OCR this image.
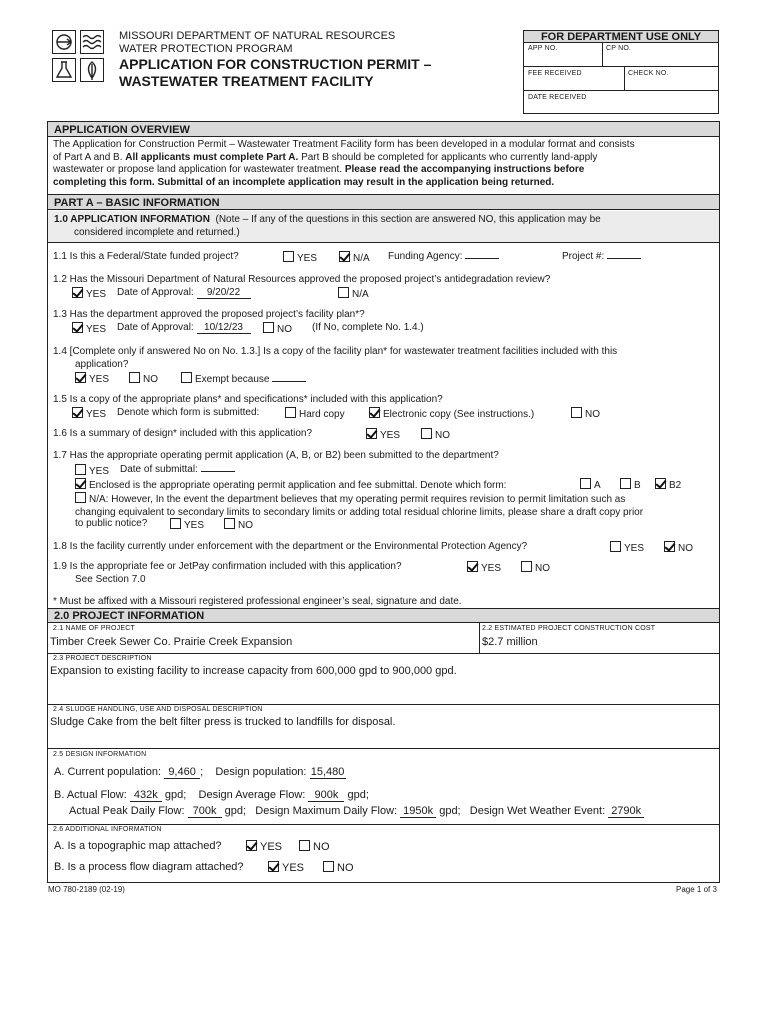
MISSOURI DEPARTMENT OF NATURAL RESOURCES
WATER PROTECTION PROGRAM
APPLICATION FOR CONSTRUCTION PERMIT –
WASTEWATER TREATMENT FACILITY
FOR DEPARTMENT USE ONLY
APP NO.	CP NO.
FEE RECEIVED	CHECK NO.
DATE RECEIVED
APPLICATION OVERVIEW
The Application for Construction Permit – Wastewater Treatment Facility form has been developed in a modular format and consists
of Part A and B. All applicants must complete Part A. Part B should be completed for applicants who currently land-apply
wastewater or propose land application for wastewater treatment. Please read the accompanying instructions before
completing this form. Submittal of an incomplete application may result in the application being returned.
PART A – BASIC INFORMATION
1.0 APPLICATION INFORMATION (Note – If any of the questions in this section are answered NO, this application may be
considered incomplete and returned.)
1.1 Is this a Federal/State funded project?	YES	N/A Funding Agency:	Project #:
1.2 Has the Missouri Department of Natural Resources approved the proposed project’s antidegradation review?
YES Date of Approval: 9/20/22	N/A
1.3 Has the department approved the proposed project’s facility plan*?
YES Date of Approval: 10/12/23	NO (If No, complete No. 1.4.)
1.4 [Complete only if answered No on No. 1.3.] Is a copy of the facility plan* for wastewater treatment facilities included with this
application?
YES	NO	Exempt because
1.5 Is a copy of the appropriate plans* and specifications* included with this application?
YES Denote which form is submitted:	Hard copy	Electronic copy (See instructions.)	NO
1.6 Is a summary of design* included with this application?	YES	NO
1.7 Has the appropriate operating permit application (A, B, or B2) been submitted to the department?
YES Date of submittal:
Enclosed is the appropriate operating permit application and fee submittal. Denote which form:	A	B	B2
N/A: However, In the event the department believes that my operating permit requires revision to permit limitation such as
changing equivalent to secondary limits to secondary limits or adding total residual chlorine limits, please share a draft copy prior
to public notice?	YES	NO
1.8 Is the facility currently under enforcement with the department or the Environmental Protection Agency?	YES	NO
1.9 Is the appropriate fee or JetPay confirmation included with this application?	YES	NO
See Section 7.0
* Must be affixed with a Missouri registered professional engineer’s seal, signature and date.
2.0 PROJECT INFORMATION
2.1 NAME OF PROJECT
Timber Creek Sewer Co. Prairie Creek Expansion
2.2 ESTIMATED PROJECT CONSTRUCTION COST
$2.7 million
2.3 PROJECT DESCRIPTION
Expansion to existing facility to increase capacity from 600,000 gpd to 900,000 gpd.
2.4 SLUDGE HANDLING, USE AND DISPOSAL DESCRIPTION
Sludge Cake from the belt filter press is trucked to landfills for disposal.
2.5 DESIGN INFORMATION
A. Current population: 9,460 ;    Design population: 15,480
B. Actual Flow: 432k gpd; Design Average Flow: 900k gpd;
Actual Peak Daily Flow: 700k gpd; Design Maximum Daily Flow: 1950k gpd; Design Wet Weather Event: 2790k
2.6 ADDITIONAL INFORMATION
A. Is a topographic map attached?	YES	NO
B. Is a process flow diagram attached?	YES	NO
MO 780-2189 (02-19)	Page 1 of 3
